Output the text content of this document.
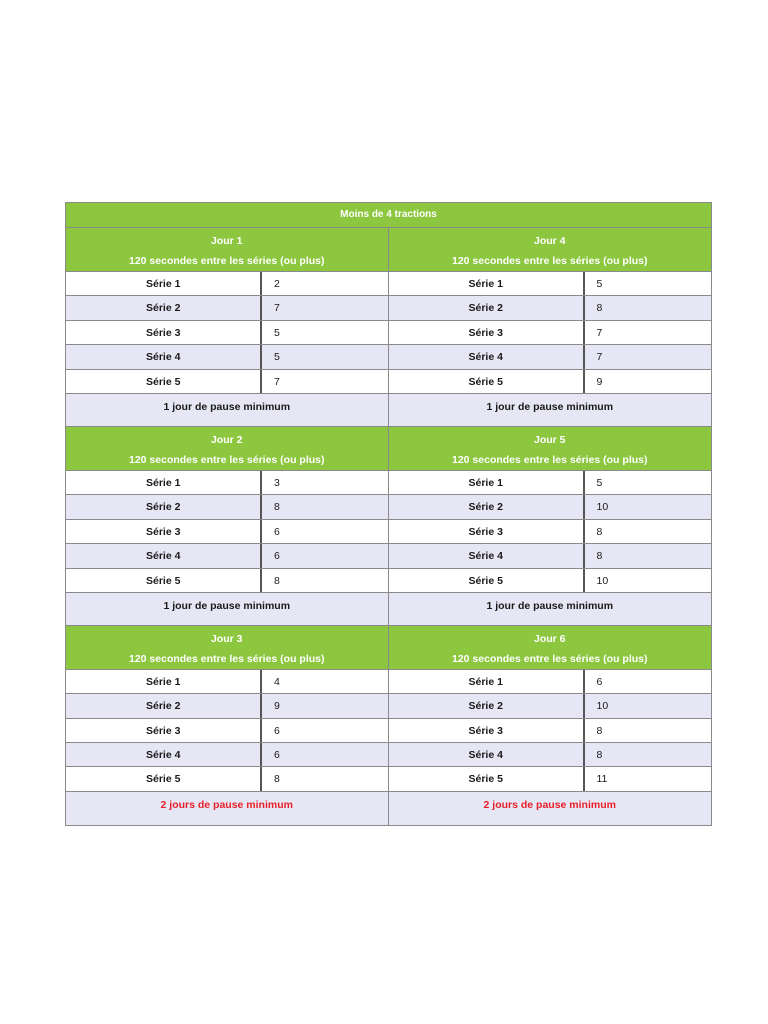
Moins de 4 tractions
Jour 1
120 secondes entre les séries (ou plus)
Série 1	2
Série 2	7
Série 3	5
Série 4	5
Série 5	7
1 jour de pause minimum
Jour 4
120 secondes entre les séries (ou plus)
Série 1	5
Série 2	8
Série 3	7
Série 4	7
Série 5	9
1 jour de pause minimum
Jour 2
120 secondes entre les séries (ou plus)
Série 1	3
Série 2	8
Série 3	6
Série 4	6
Série 5	8
1 jour de pause minimum
Jour 5
120 secondes entre les séries (ou plus)
Série 1	5
Série 2	10
Série 3	8
Série 4	8
Série 5	10
1 jour de pause minimum
Jour 3
120 secondes entre les séries (ou plus)
Série 1	4
Série 2	9
Série 3	6
Série 4	6
Série 5	8
2 jours de pause minimum
Jour 6
120 secondes entre les séries (ou plus)
Série 1	6
Série 2	10
Série 3	8
Série 4	8
Série 5	11
2 jours de pause minimum
